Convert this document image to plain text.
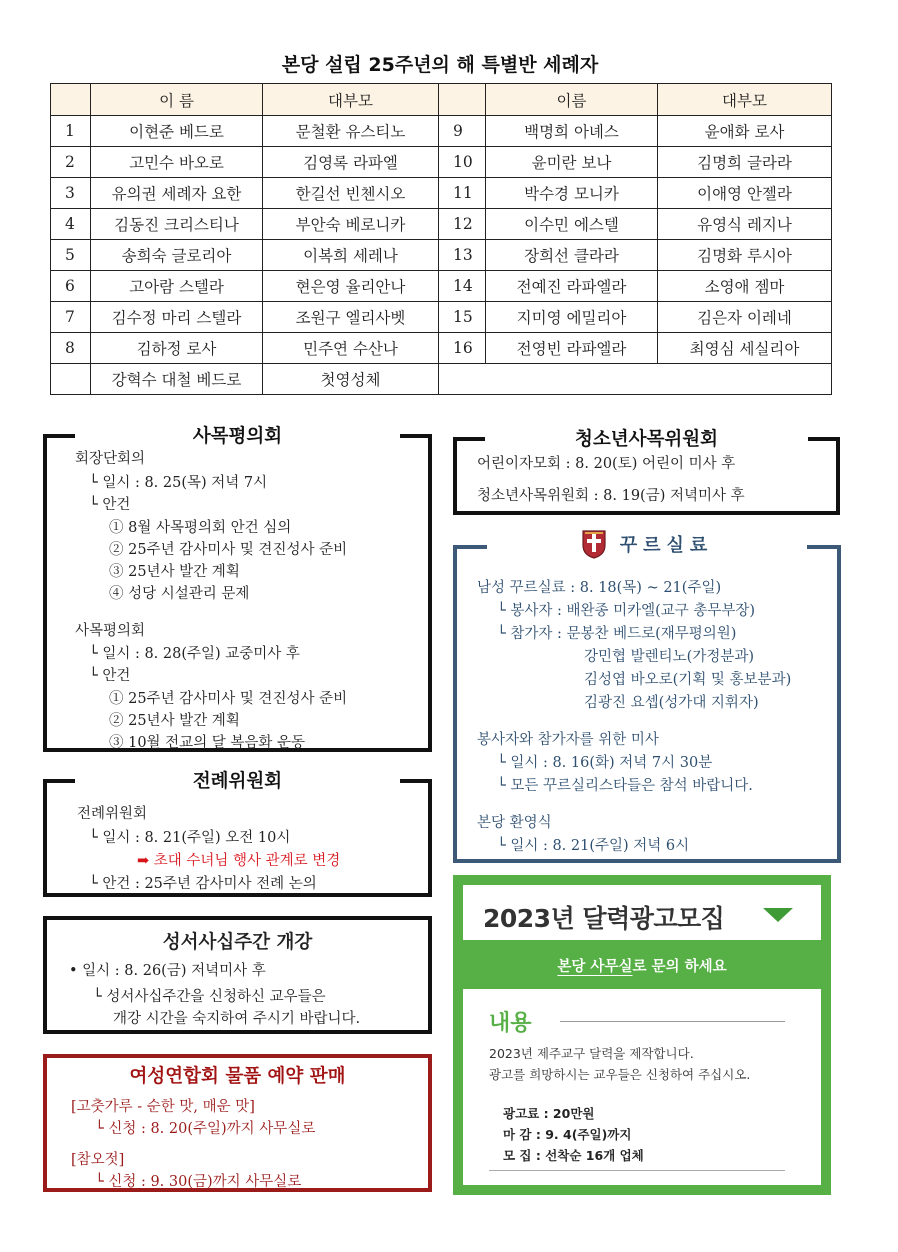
본당 설립 25주년의 해 특별반 세례자
	이 름	대부모		이름	대부모
1	이현준 베드로	문철환 유스티노	9	백명희 아녜스	윤애화 로사
2	고민수 바오로	김영록 라파엘	10	윤미란 보나	김명희 글라라
3	유의권 세례자 요한	한길선 빈첸시오	11	박수경 모니카	이애영 안젤라
4	김동진 크리스티나	부안숙 베로니카	12	이수민 에스텔	유영식 레지나
5	송희숙 글로리아	이복희 세레나	13	장희선 클라라	김명화 루시아
6	고아람 스텔라	현은영 율리안나	14	전예진 라파엘라	소영애 젬마
7	김수정 마리 스텔라	조원구 엘리사벳	15	지미영 에밀리아	김은자 이레네
8	김하정 로사	민주연 수산나	16	전영빈 라파엘라	최영심 세실리아
	강혁수 대철 베드로	첫영성체			
사목평의회
회장단회의
└ 일시 : 8. 25(목) 저녁 7시
└ 안건
① 8월 사목평의회 안건 심의
② 25주년 감사미사 및 견진성사 준비
③ 25년사 발간 계획
④ 성당 시설관리 문제
사목평의회
└ 일시 : 8. 28(주일) 교중미사 후
└ 안건
① 25주년 감사미사 및 견진성사 준비
② 25년사 발간 계획
③ 10월 전교의 달 복음화 운동
전례위원회
전례위원회
└ 일시 : 8. 21(주일) 오전 10시
➡ 초대 수녀님 행사 관계로 변경
└ 안건 : 25주년 감사미사 전례 논의
성서사십주간 개강
• 일시 : 8. 26(금) 저녁미사 후
└ 성서사십주간을 신청하신 교우들은
개강 시간을 숙지하여 주시기 바랍니다.
여성연합회 물품 예약 판매
[고춧가루 - 순한 맛, 매운 맛]
└ 신청 : 8. 20(주일)까지 사무실로
[참오젓]
└ 신청 : 9. 30(금)까지 사무실로
청소년사목위원회
어린이자모회 : 8. 20(토) 어린이 미사 후
청소년사목위원회 : 8. 19(금) 저녁미사 후
꾸르실료
남성 꾸르실료 : 8. 18(목) ~ 21(주일)
└ 봉사자 : 배완종 미카엘(교구 총무부장)
└ 참가자 : 문봉찬 베드로(재무평의원)
강민협 발렌티노(가정분과)
김성엽 바오로(기획 및 홍보분과)
김광진 요셉(성가대 지휘자)
봉사자와 참가자를 위한 미사
└ 일시 : 8. 16(화) 저녁 7시 30분
└ 모든 꾸르실리스타들은 참석 바랍니다.
본당 환영식
└ 일시 : 8. 21(주일) 저녁 6시
2023년 달력광고모집
본당 사무실로 문의 하세요
내용
2023년 제주교구 달력을 제작합니다.
광고를 희망하시는 교우들은 신청하여 주십시오.
광고료 : 20만원
마 감 : 9. 4(주일)까지
모 집 : 선착순 16개 업체
